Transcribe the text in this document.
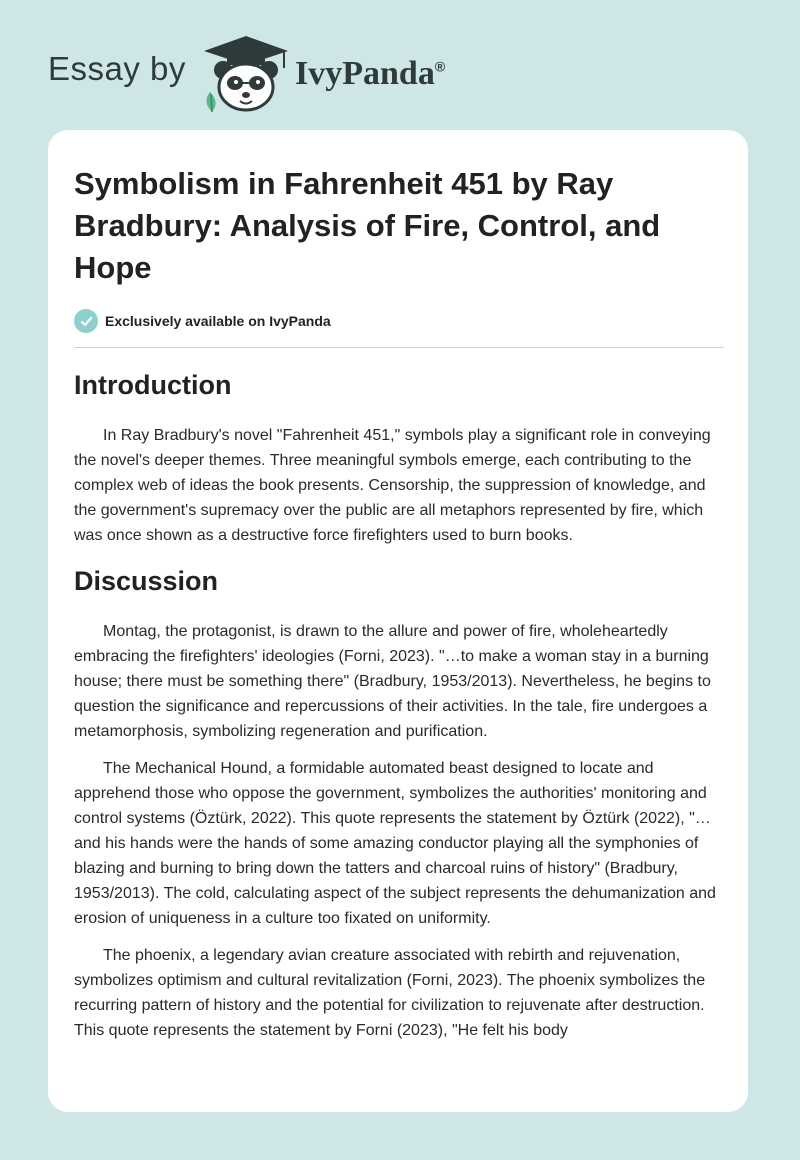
Essay by	IvyPanda®
Symbolism in Fahrenheit 451 by Ray Bradbury: Analysis of Fire, Control, and Hope
Exclusively available on IvyPanda
Introduction

In Ray Bradbury's novel "Fahrenheit 451," symbols play a significant role in conveying the novel's deeper themes. Three meaningful symbols emerge, each contributing to the complex web of ideas the book presents. Censorship, the suppression of knowledge, and the government's supremacy over the public are all metaphors represented by fire, which was once shown as a destructive force firefighters used to burn books.

Discussion

Montag, the protagonist, is drawn to the allure and power of fire, wholeheartedly embracing the firefighters' ideologies (Forni, 2023). "…to make a woman stay in a burning house; there must be something there" (Bradbury, 1953/2013). Nevertheless, he begins to question the significance and repercussions of their activities. In the tale, fire undergoes a metamorphosis, symbolizing regeneration and purification.

The Mechanical Hound, a formidable automated beast designed to locate and apprehend those who oppose the government, symbolizes the authorities' monitoring and control systems (Öztürk, 2022). This quote represents the statement by Öztürk (2022), "…and his hands were the hands of some amazing conductor playing all the symphonies of blazing and burning to bring down the tatters and charcoal ruins of history" (Bradbury, 1953/2013). The cold, calculating aspect of the subject represents the dehumanization and erosion of uniqueness in a culture too fixated on uniformity.

The phoenix, a legendary avian creature associated with rebirth and rejuvenation, symbolizes optimism and cultural revitalization (Forni, 2023). The phoenix symbolizes the recurring pattern of history and the potential for civilization to rejuvenate after destruction. This quote represents the statement by Forni (2023), "He felt his body
